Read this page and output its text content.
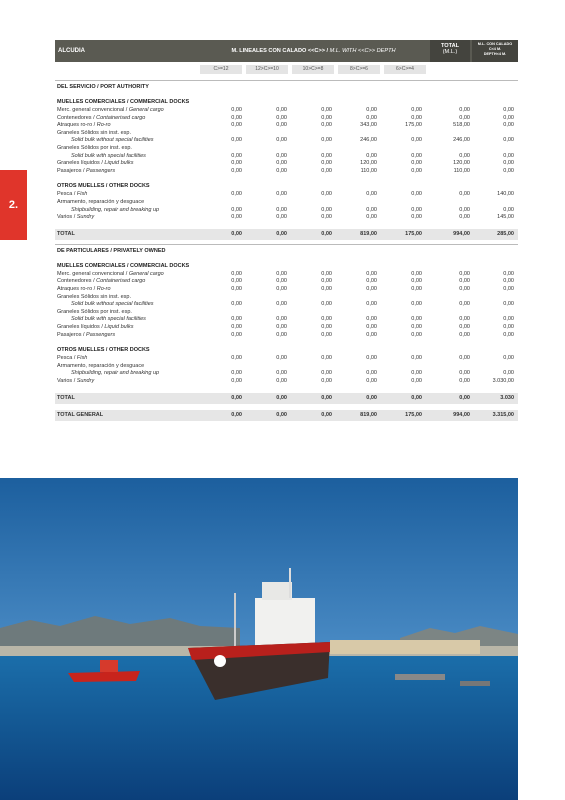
2.
ALCUDIA	M. LINEALES CON CALADO <<C>> / M.L. WITH <<C>> DEPTH
TOTAL
(M.L.)
M.L. CON CALADO
C<4 M.
DEPTH<4 M.
C>=12	12>C>=10	10>C>=8	8>C>=6	6>C>=4
DEL SERVICIO / PORT AUTHORITY
MUELLES COMERCIALES / COMMERCIAL DOCKS
Merc. general convencional / General cargo	0,00	0,00	0,00	0,00	0,00	0,00	0,00
Contenedores / Containerised cargo	0,00	0,00	0,00	0,00	0,00	0,00	0,00
Atraques ro-ro / Ro-ro	0,00	0,00	0,00	343,00	175,00	518,00	0,00
Graneles Sólidos sin inst. esp.
Solid bulk without special facilities	0,00	0,00	0,00	246,00	0,00	246,00	0,00
Graneles Sólidos por inst. esp.
Solid bulk with special facilities	0,00	0,00	0,00	0,00	0,00	0,00	0,00
Graneles líquidos / Liquid bulks	0,00	0,00	0,00	120,00	0,00	120,00	0,00
Pasajeros / Passengers	0,00	0,00	0,00	110,00	0,00	110,00	0,00
OTROS MUELLES / OTHER DOCKS
Pesca / Fish	0,00	0,00	0,00	0,00	0,00	0,00	140,00
Armamento, reparación y desguace
Shipbuilding, repair and breaking up	0,00	0,00	0,00	0,00	0,00	0,00	0,00
Varios / Sundry	0,00	0,00	0,00	0,00	0,00	0,00	145,00
TOTAL	0,00	0,00	0,00	819,00	175,00	994,00	285,00
DE PARTICULARES / PRIVATELY OWNED
MUELLES COMERCIALES / COMMERCIAL DOCKS
Merc. general convencional / General cargo	0,00	0,00	0,00	0,00	0,00	0,00	0,00
Contenedores / Containerised cargo	0,00	0,00	0,00	0,00	0,00	0,00	0,00
Atraques ro-ro / Ro-ro	0,00	0,00	0,00	0,00	0,00	0,00	0,00
Graneles Sólidos sin inst. esp.
Solid bulk without special facilities	0,00	0,00	0,00	0,00	0,00	0,00	0,00
Graneles Sólidos por inst. esp.
Solid bulk with special facilities	0,00	0,00	0,00	0,00	0,00	0,00	0,00
Graneles líquidos / Liquid bulks	0,00	0,00	0,00	0,00	0,00	0,00	0,00
Pasajeros / Passengers	0,00	0,00	0,00	0,00	0,00	0,00	0,00
OTROS MUELLES / OTHER DOCKS
Pesca / Fish	0,00	0,00	0,00	0,00	0,00	0,00	0,00
Armamento, reparación y desguace
Shipbuilding, repair and breaking up	0,00	0,00	0,00	0,00	0,00	0,00	0,00
Varios / Sundry	0,00	0,00	0,00	0,00	0,00	0,00	3.030,00
TOTAL	0,00	0,00	0,00	0,00	0,00	0,00	3.030
TOTAL GENERAL	0,00	0,00	0,00	819,00	175,00	994,00	3.315,00
